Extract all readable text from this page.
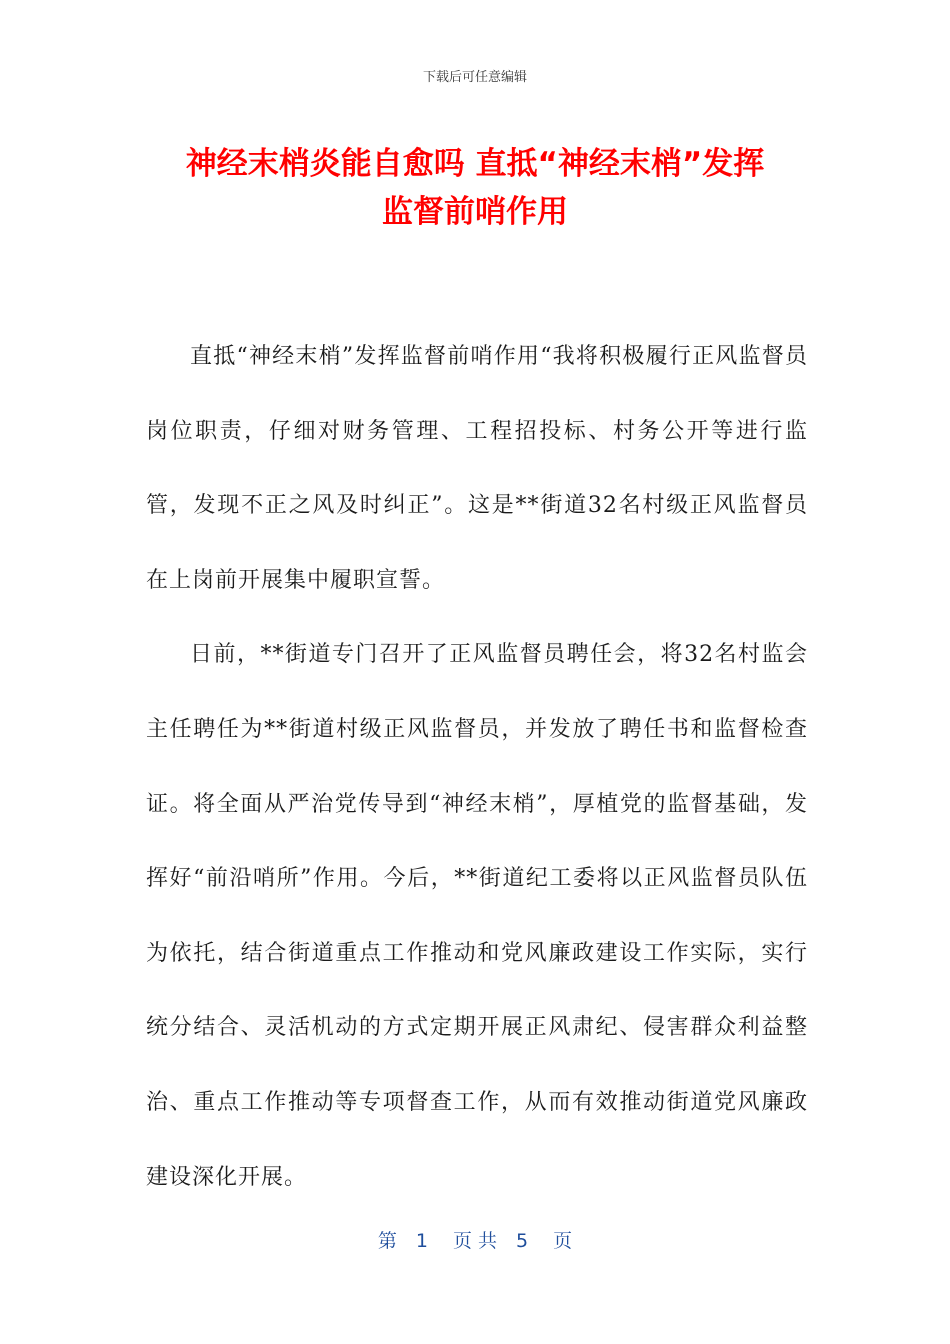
下载后可任意编辑
神经末梢炎能自愈吗 直抵“神经末梢”发挥
监督前哨作用

直抵“神经末梢”发挥监督前哨作用“我将积极履行正风监督员岗位职责，仔细对财务管理、工程招投标、村务公开等进行监管，发现不正之风及时纠正”。这是**街道32名村级正风监督员在上岗前开展集中履职宣誓。

日前，**街道专门召开了正风监督员聘任会，将32名村监会主任聘任为**街道村级正风监督员，并发放了聘任书和监督检查证。将全面从严治党传导到“神经末梢”，厚植党的监督基础，发挥好“前沿哨所”作用。今后，**街道纪工委将以正风监督员队伍为依托，结合街道重点工作推动和党风廉政建设工作实际，实行统分结合、灵活机动的方式定期开展正风肃纪、侵害群众利益整治、重点工作推动等专项督查工作，从而有效推动街道党风廉政建设深化开展。

第　1　 页 共　5　 页
